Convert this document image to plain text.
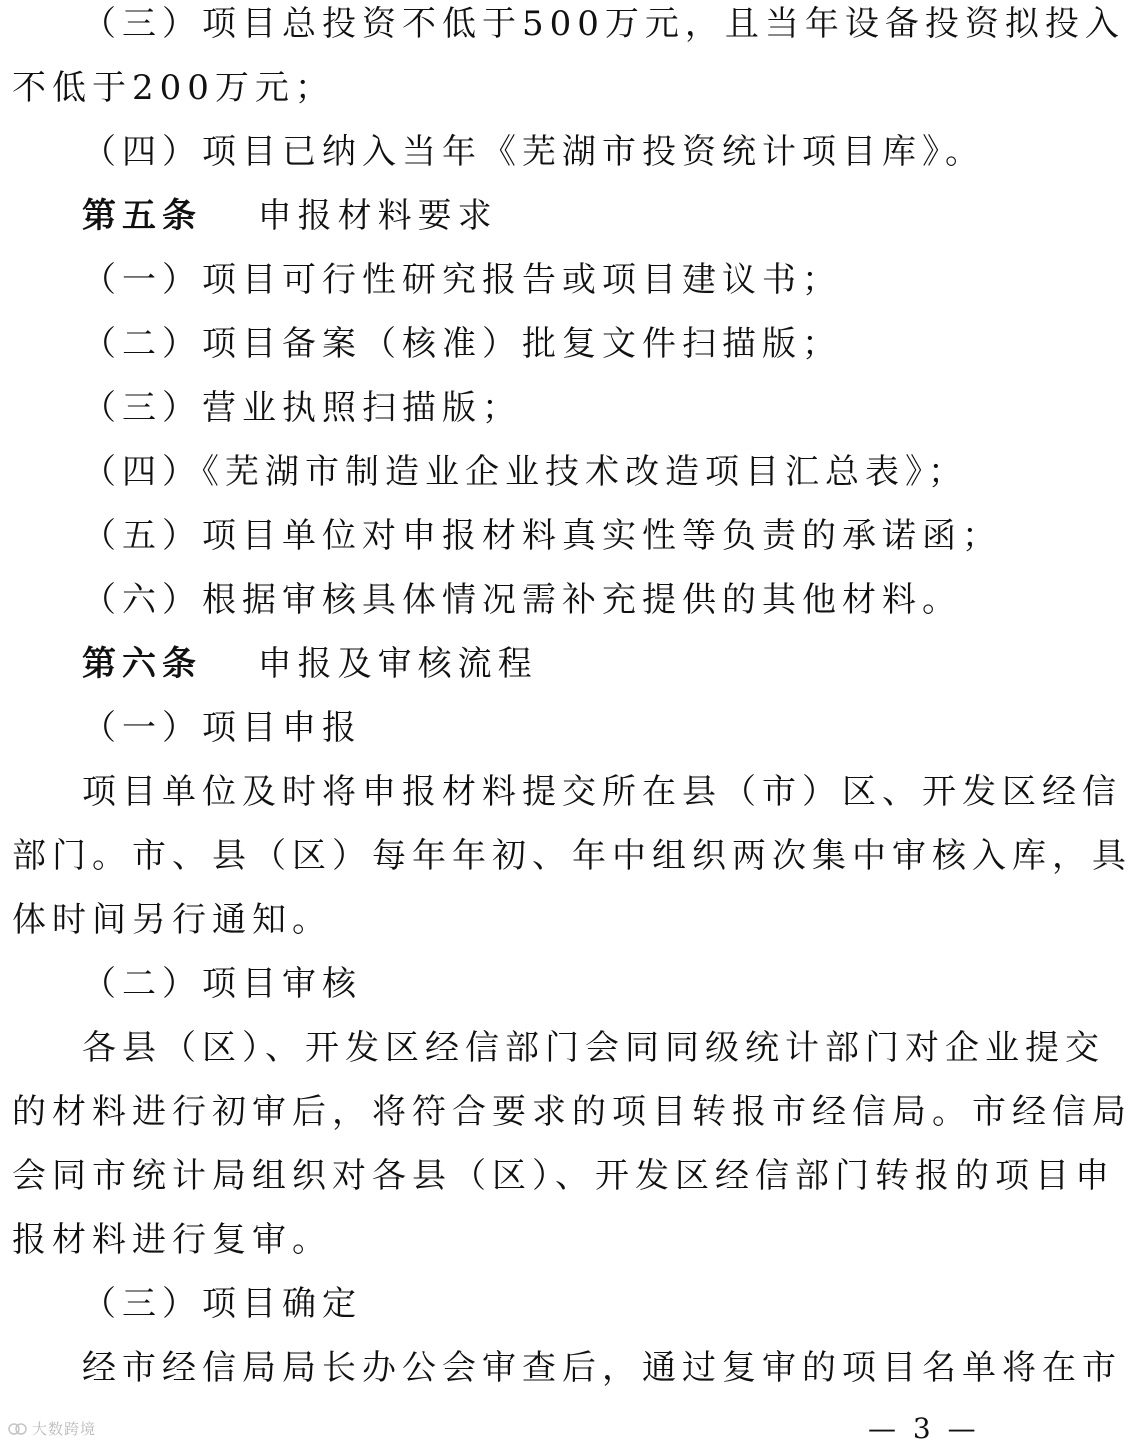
（三）项目总投资不低于500万元，且当年设备投资拟投入
不低于200万元；
（四）项目已纳入当年《芜湖市投资统计项目库》。
第五条 申报材料要求
（一）项目可行性研究报告或项目建议书；
（二）项目备案（核准）批复文件扫描版；
（三）营业执照扫描版；
（四）《芜湖市制造业企业技术改造项目汇总表》；
（五）项目单位对申报材料真实性等负责的承诺函；
（六）根据审核具体情况需补充提供的其他材料。
第六条 申报及审核流程
（一）项目申报
项目单位及时将申报材料提交所在县（市）区、开发区经信
部门。市、县（区）每年年初、年中组织两次集中审核入库，具
体时间另行通知。
（二）项目审核
各县（区）、开发区经信部门会同同级统计部门对企业提交
的材料进行初审后，将符合要求的项目转报市经信局。市经信局
会同市统计局组织对各县（区）、开发区经信部门转报的项目申
报材料进行复审。
（三）项目确定
经市经信局局长办公会审查后，通过复审的项目名单将在市
大数跨境	— 3 —
